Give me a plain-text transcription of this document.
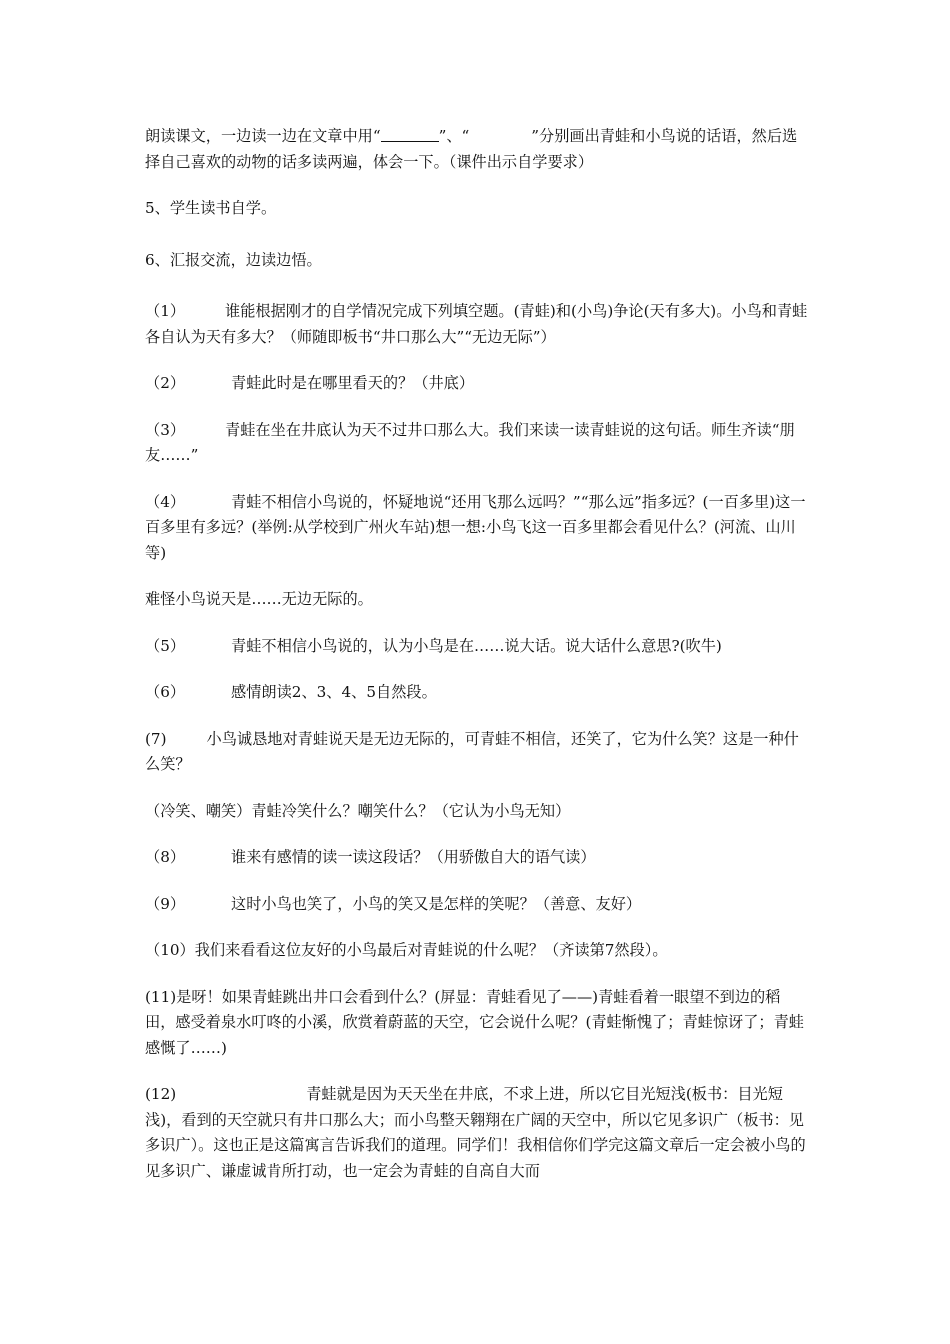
朗读课文，一边读一边在文章中用“	”、“	”分别画出青蛙和小鸟说的话语，然后选择自己喜欢的动物的话多读两遍，体会一下。（课件出示自学要求）

5、学生读书自学。

6、汇报交流，边读边悟。

（1）	谁能根据刚才的自学情况完成下列填空题。(青蛙)和(小鸟)争论(天有多大)。小鸟和青蛙各自认为天有多大？（师随即板书“井口那么大”“无边无际”）

（2）	青蛙此时是在哪里看天的？（井底）

（3）	青蛙在坐在井底认为天不过井口那么大。我们来读一读青蛙说的这句话。师生齐读“朋友……”

（4）	青蛙不相信小鸟说的，怀疑地说“还用飞那么远吗？”“那么远”指多远？(一百多里)这一百多里有多远？(举例:从学校到广州火车站)想一想:小鸟飞这一百多里都会看见什么？(河流、山川等)

难怪小鸟说天是……无边无际的。

（5）	青蛙不相信小鸟说的，认为小鸟是在……说大话。说大话什么意思?(吹牛)

（6）	感情朗读2、3、4、5自然段。

(7)	小鸟诚恳地对青蛙说天是无边无际的，可青蛙不相信，还笑了，它为什么笑？这是一种什么笑？

（冷笑、嘲笑）青蛙冷笑什么？嘲笑什么？（它认为小鸟无知）

（8）	谁来有感情的读一读这段话？（用骄傲自大的语气读）

（9）	这时小鸟也笑了，小鸟的笑又是怎样的笑呢？（善意、友好）

（10）我们来看看这位友好的小鸟最后对青蛙说的什么呢？（齐读第7然段）。

(11)是呀！如果青蛙跳出井口会看到什么？(屏显：青蛙看见了——)青蛙看着一眼望不到边的稻田，感受着泉水叮咚的小溪，欣赏着蔚蓝的天空，它会说什么呢？(青蛙惭愧了；青蛙惊讶了；青蛙感慨了……)

(12)	青蛙就是因为天天坐在井底，不求上进，所以它目光短浅(板书：目光短浅)，看到的天空就只有井口那么大；而小鸟整天翱翔在广阔的天空中，所以它见多识广（板书：见多识广）。这也正是这篇寓言告诉我们的道理。同学们！我相信你们学完这篇文章后一定会被小鸟的见多识广、谦虚诚肯所打动，也一定会为青蛙的自高自大而
